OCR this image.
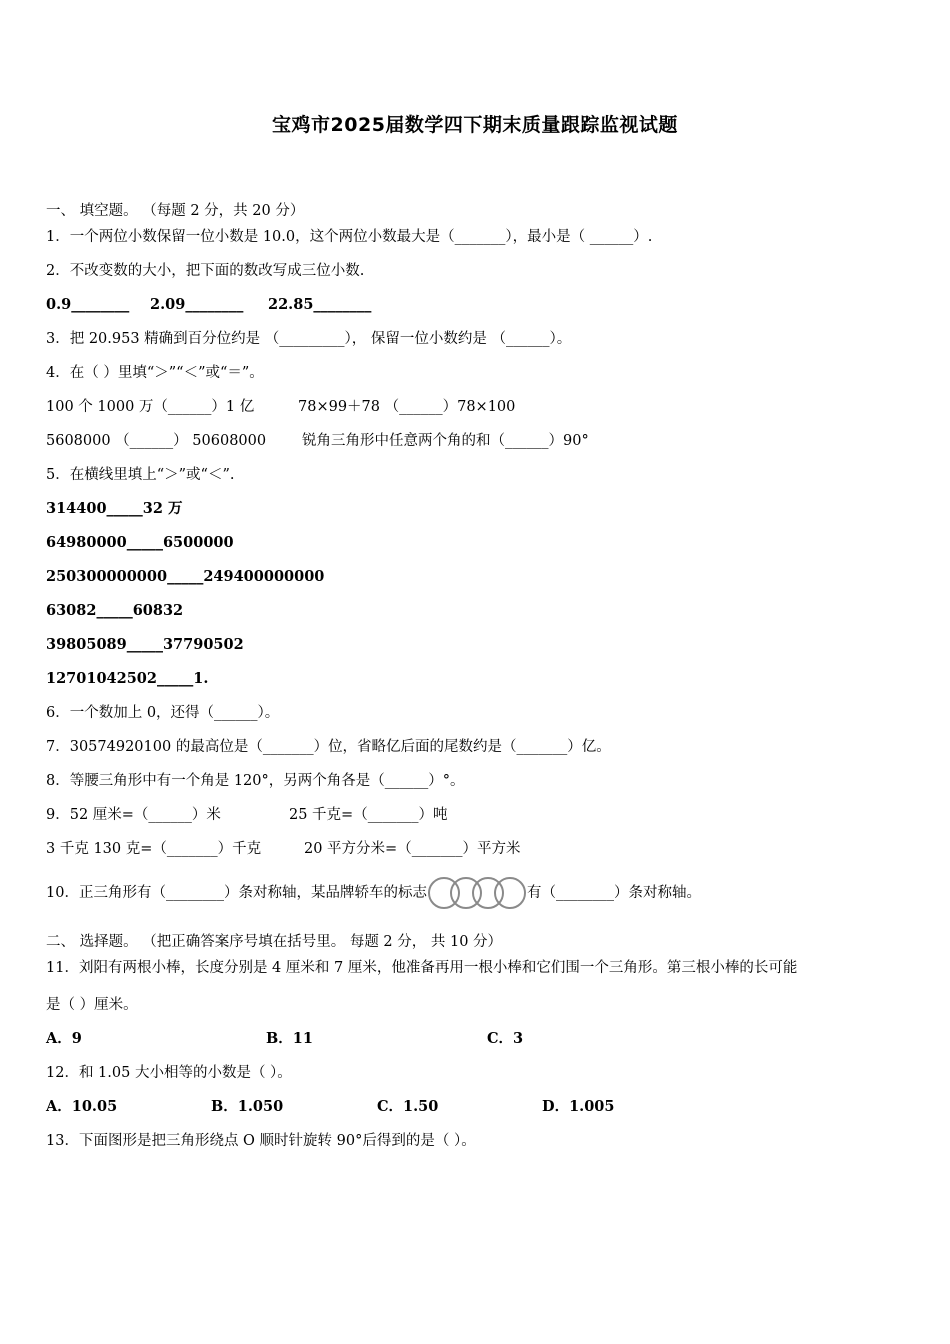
宝鸡市2025届数学四下期末质量跟踪监视试题
一、 填空题。 （每题 2 分，共 20 分）
1．一个两位小数保留一位小数是 10.0，这个两位小数最大是（_______），最小是（ ______）.
2．不改变数的大小，把下面的数改写成三位小数.
0.9________ 2.09________ 22.85________
3．把 20.953 精确到百分位约是 （_________）， 保留一位小数约是 （______）。
4．在（ ）里填“＞”“＜”或“＝”。
100 个 1000 万（______）1 亿	78×99＋78 （______）78×100
5608000 （______） 50608000 锐角三角形中任意两个角的和（______）90°
5．在横线里填上“＞”或“＜”.
314400_____32 万
64980000_____6500000
250300000000_____249400000000
63082_____60832
39805089_____37790502
12701042502_____1.
6．一个数加上 0，还得（______）。
7．30574920100 的最高位是（_______）位，省略亿后面的尾数约是（_______）亿。
8．等腰三角形中有一个角是 120°，另两个角各是（______）°。
9．52 厘米=（______）米	25 千克=（_______）吨
3 千克 130 克=（_______）千克	20 平方分米=（_______）平方米
10．正三角形有（________）条对称轴，某品牌轿车的标志	有（________）条对称轴。
二、 选择题。 （把正确答案序号填在括号里。 每题 2 分， 共 10 分）
11．刘阳有两根小棒，长度分别是 4 厘米和 7 厘米，他准备再用一根小棒和它们围一个三角形。第三根小棒的长可能
是（ ）厘米。
A．9	B．11	C．3
12．和 1.05 大小相等的小数是（ ）。
A．10.05	B．1.050	C．1.50	D．1.005
13．下面图形是把三角形绕点 O 顺时针旋转 90°后得到的是（ ）。
